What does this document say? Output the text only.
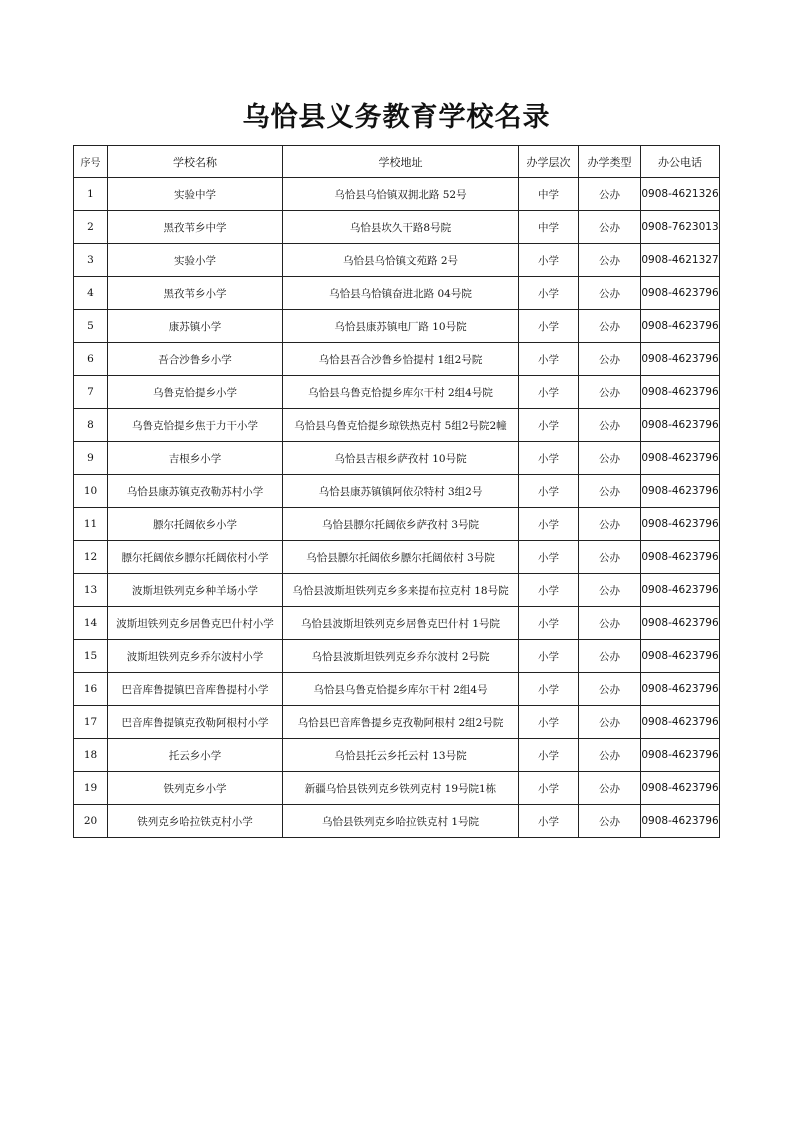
乌恰县义务教育学校名录
序号	学校名称	学校地址	办学层次	办学类型	办公电话
1	实验中学	乌恰县乌恰镇双拥北路 52号	中学	公办	0908-4621326
2	黑孜苇乡中学	乌恰县坎久干路8号院	中学	公办	0908-7623013
3	实验小学	乌恰县乌恰镇文苑路 2号	小学	公办	0908-4621327
4	黑孜苇乡小学	乌恰县乌恰镇奋进北路 04号院	小学	公办	0908-4623796
5	康苏镇小学	乌恰县康苏镇电厂路 10号院	小学	公办	0908-4623796
6	吾合沙鲁乡小学	乌恰县吾合沙鲁乡恰提村 1组2号院	小学	公办	0908-4623796
7	乌鲁克恰提乡小学	乌恰县乌鲁克恰提乡库尔干村 2组4号院	小学	公办	0908-4623796
8	乌鲁克恰提乡焦于力干小学	乌恰县乌鲁克恰提乡琼铁热克村 5组2号院2幢	小学	公办	0908-4623796
9	吉根乡小学	乌恰县吉根乡萨孜村 10号院	小学	公办	0908-4623796
10	乌恰县康苏镇克孜勒苏村小学	乌恰县康苏镇镇阿依尕特村 3组2号	小学	公办	0908-4623796
11	膘尔托阔依乡小学	乌恰县膘尔托阔依乡萨孜村 3号院	小学	公办	0908-4623796
12	膘尔托阔依乡膘尔托阔依村小学	乌恰县膘尔托阔依乡膘尔托阔依村 3号院	小学	公办	0908-4623796
13	波斯坦铁列克乡种羊场小学	乌恰县波斯坦铁列克乡多来提布拉克村 18号院	小学	公办	0908-4623796
14	波斯坦铁列克乡居鲁克巴什村小学	乌恰县波斯坦铁列克乡居鲁克巴什村 1号院	小学	公办	0908-4623796
15	波斯坦铁列克乡乔尔波村小学	乌恰县波斯坦铁列克乡乔尔波村 2号院	小学	公办	0908-4623796
16	巴音库鲁提镇巴音库鲁提村小学	乌恰县乌鲁克恰提乡库尔干村 2组4号	小学	公办	0908-4623796
17	巴音库鲁提镇克孜勒阿根村小学	乌恰县巴音库鲁提乡克孜勒阿根村 2组2号院	小学	公办	0908-4623796
18	托云乡小学	乌恰县托云乡托云村 13号院	小学	公办	0908-4623796
19	铁列克乡小学	新疆乌恰县铁列克乡铁列克村 19号院1栋	小学	公办	0908-4623796
20	铁列克乡哈拉铁克村小学	乌恰县铁列克乡哈拉铁克村 1号院	小学	公办	0908-4623796
